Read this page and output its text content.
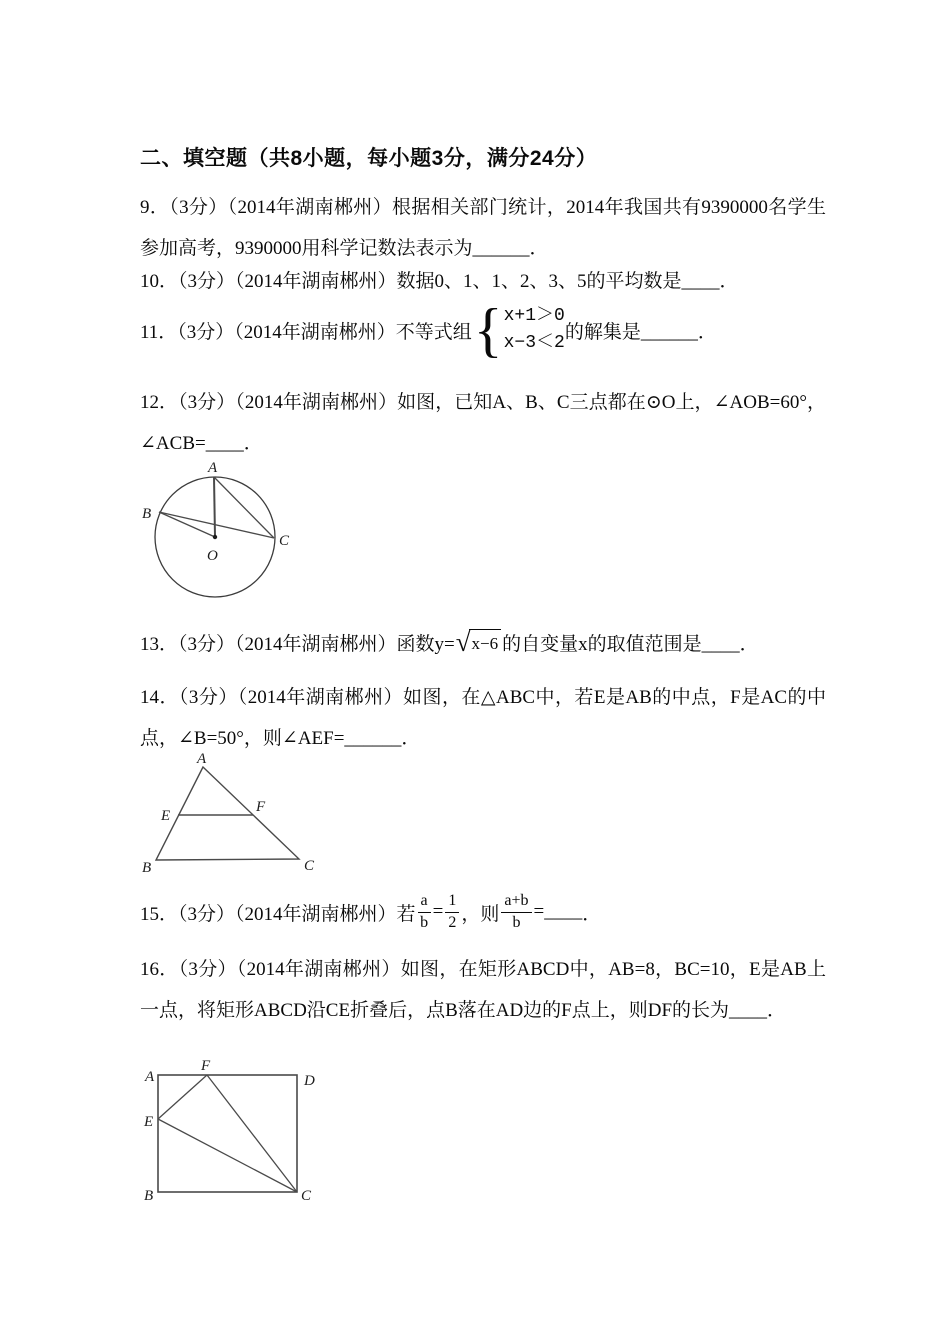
二、填空题（共8小题，每小题3分，满分24分）

9．（3分）（2014年湖南郴州）根据相关部门统计，2014年我国共有9390000名学生参加高考，9390000用科学记数法表示为______．

10．（3分）（2014年湖南郴州）数据0、1、1、2、3、5的平均数是____．

11．（3分）（2014年湖南郴州）不等式组 { x+1＞0
x−3＜2
的解集是______．

12．（3分）（2014年湖南郴州）如图，已知A、B、C三点都在⊙O上，∠AOB=60°，∠ACB=____．

A
B
C
O
13．（3分）（2014年湖南郴州）函数y= √ x−6 的自变量x的取值范围是____．

14．（3分）（2014年湖南郴州）如图，在△ABC中，若E是AB的中点，F是AC的中点，∠B=50°，则∠AEF=______．

A
B	C
E
F
15．（3分）（2014年湖南郴州）若 $\frac{a}{b} = \frac{1}{2}$ ， 则 $\frac{a+b}{b}$ = ____ ．

16．（3分）（2014年湖南郴州）如图，在矩形ABCD中，AB=8，BC=10，E是AB上一点，将矩形ABCD沿CE折叠后，点B落在AD边的F点上，则DF的长为____．

A
F
D
E
B	C
